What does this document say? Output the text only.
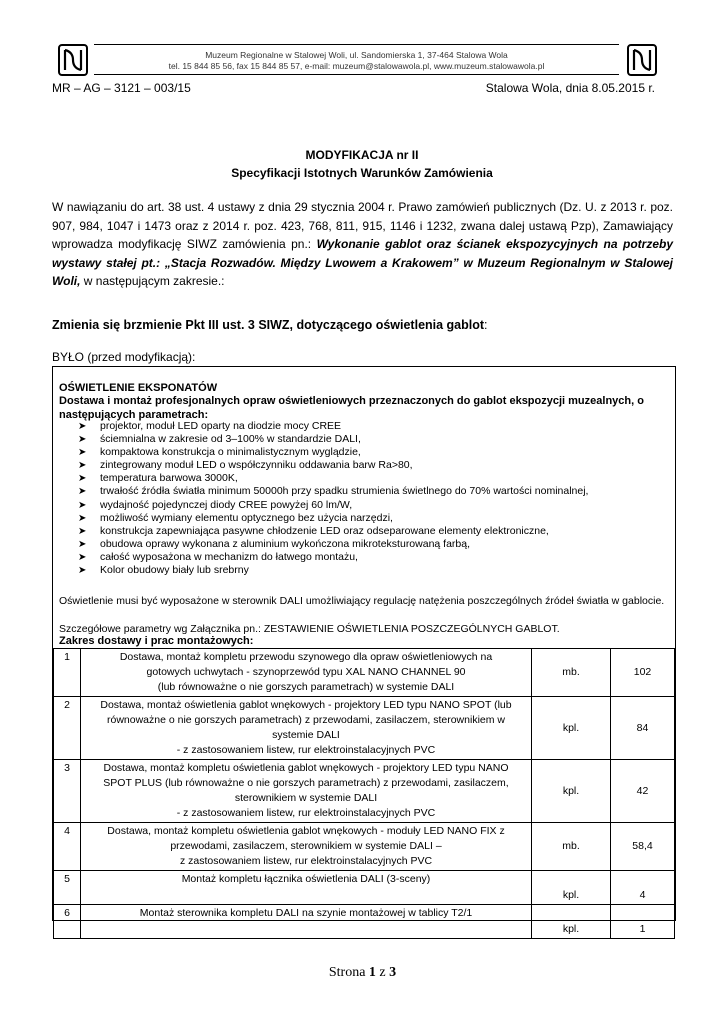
Muzeum Regionalne w Stalowej Woli, ul. Sandomierska 1, 37-464 Stalowa Wola
tel. 15 844 85 56, fax 15 844 85 57, e-mail: muzeum@stalowawola.pl, www.muzeum.stalowawola.pl
MR – AG – 3121 – 003/15	Stalowa Wola, dnia 8.05.2015 r.
MODYFIKACJA nr II
Specyfikacji Istotnych Warunków Zamówienia
W nawiązaniu do art. 38 ust. 4 ustawy z dnia 29 stycznia 2004 r. Prawo zamówień publicznych (Dz. U. z 2013 r. poz. 907, 984, 1047 i 1473 oraz z 2014 r. poz. 423, 768, 811, 915, 1146 i 1232, zwana dalej ustawą Pzp), Zamawiający wprowadza modyfikację SIWZ zamówienia pn.: Wykonanie gablot oraz ścianek ekspozycyjnych na potrzeby wystawy stałej pt.: „Stacja Rozwadów. Między Lwowem a Krakowem” w Muzeum Regionalnym w Stalowej Woli, w następującym zakresie.:
Zmienia się brzmienie Pkt III ust. 3 SIWZ, dotyczącego oświetlenia gablot:
BYŁO (przed modyfikacją):
OŚWIETLENIE EKSPONATÓW
Dostawa i montaż profesjonalnych opraw oświetleniowych przeznaczonych do gablot ekspozycji muzealnych, o następujących parametrach:
➤ projektor, moduł LED oparty na diodzie mocy CREE
➤ ściemnialna w zakresie od 3–100% w standardzie DALI,
➤ kompaktowa konstrukcja o minimalistycznym wyglądzie,
➤ zintegrowany moduł LED o współczynniku oddawania barw Ra>80,
➤ temperatura barwowa 3000K,
➤ trwałość źródła światła minimum 50000h przy spadku strumienia świetlnego do 70% wartości nominalnej,
➤ wydajność pojedynczej diody CREE powyżej 60 lm/W,
➤ możliwość wymiany elementu optycznego bez użycia narzędzi,
➤ konstrukcja zapewniająca pasywne chłodzenie LED oraz odseparowane elementy elektroniczne,
➤ obudowa oprawy wykonana z aluminium wykończona mikroteksturowaną farbą,
➤ całość wyposażona w mechanizm do łatwego montażu,
➤ Kolor obudowy biały lub srebrny
Oświetlenie musi być wyposażone w sterownik DALI umożliwiający regulację natężenia poszczególnych źródeł światła w gablocie.
Szczegółowe parametry wg Załącznika pn.: ZESTAWIENIE OŚWIETLENIA POSZCZEGÓLNYCH GABLOT.
Zakres dostawy i prac montażowych:
1	Dostawa, montaż kompletu przewodu szynowego dla opraw oświetleniowych na
gotowych uchwytach - szynoprzewód typu XAL NANO CHANNEL 90
(lub równoważne o nie gorszych parametrach) w systemie DALI	mb.	102
2	Dostawa, montaż oświetlenia gablot wnękowych - projektory LED typu NANO SPOT (lub
równoważne o nie gorszych parametrach) z przewodami, zasilaczem, sterownikiem w
systemie DALI
- z zastosowaniem listew, rur elektroinstalacyjnych PVC	kpl.	84
3	Dostawa, montaż kompletu oświetlenia gablot wnękowych - projektory LED typu NANO
SPOT PLUS (lub równoważne o nie gorszych parametrach) z przewodami, zasilaczem,
sterownikiem w systemie DALI
- z zastosowaniem listew, rur elektroinstalacyjnych PVC	kpl.	42
4	Dostawa, montaż kompletu oświetlenia gablot wnękowych - moduły LED NANO FIX z
przewodami, zasilaczem, sterownikiem w systemie DALI –
z zastosowaniem listew, rur elektroinstalacyjnych PVC	mb.	58,4
5	Montaż kompletu łącznika oświetlenia DALI (3-sceny)	kpl.	4
6	Montaż sterownika kompletu DALI na szynie montażowej w tablicy T2/1	kpl.	1
Strona 1 z 3
